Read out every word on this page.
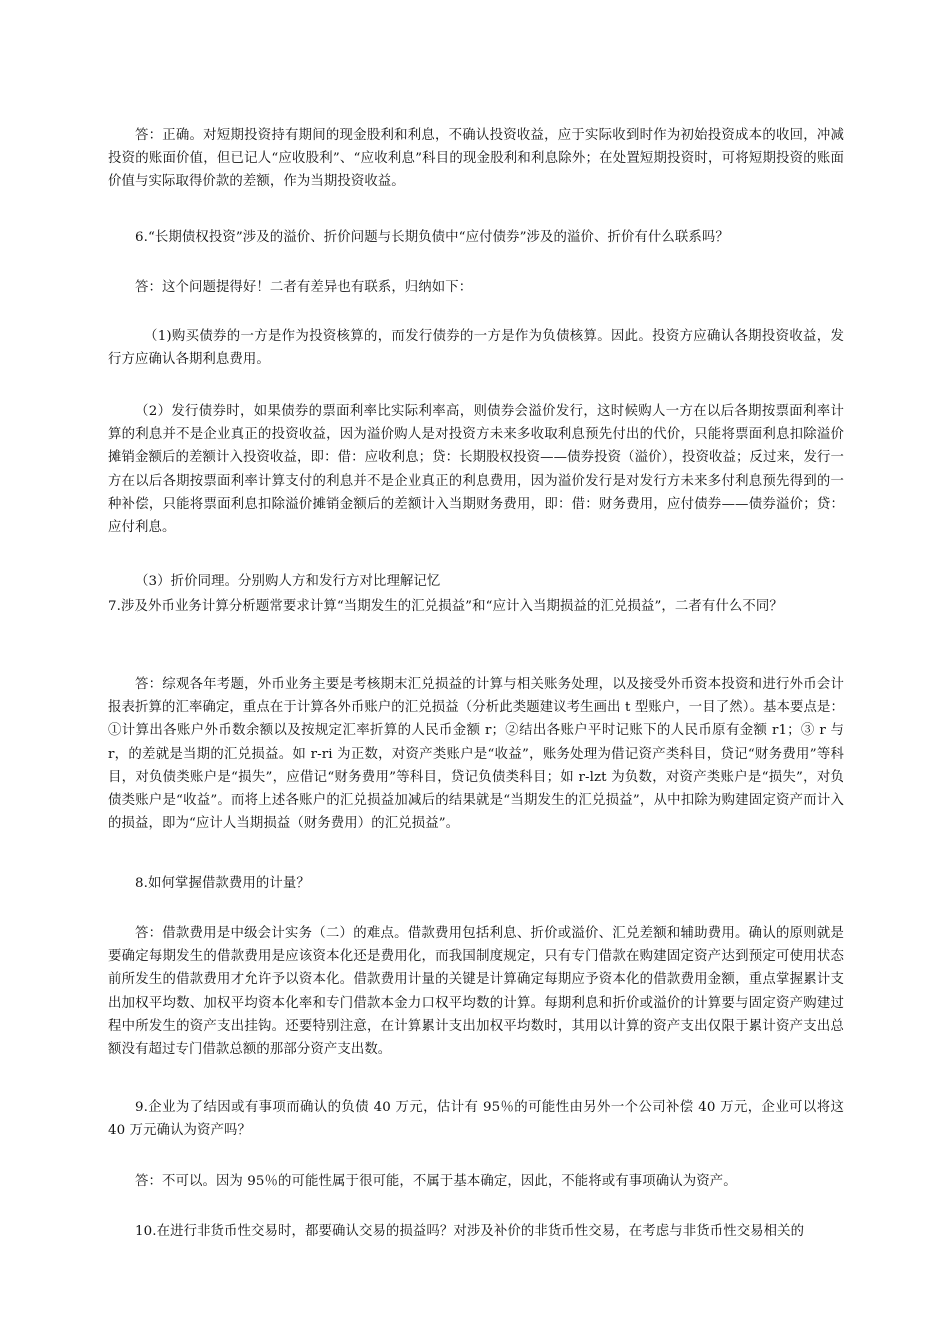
答：正确。对短期投资持有期间的现金股利和利息，不确认投资收益，应于实际收到时作为初始投资成本的收回，冲减投资的账面价值，但已记人“应收股利”、“应收利息”科目的现金股利和利息除外；在处置短期投资时，可将短期投资的账面价值与实际取得价款的差额，作为当期投资收益。

6.“长期债权投资”涉及的溢价、折价问题与长期负债中“应付债券”涉及的溢价、折价有什么联系吗？

答：这个问题提得好！二者有差异也有联系，归纳如下：

（1)购买债券的一方是作为投资核算的，而发行债券的一方是作为负债核算。因此。投资方应确认各期投资收益，发行方应确认各期利息费用。

（2）发行债券时，如果债券的票面利率比实际利率高，则债券会溢价发行，这时候购人一方在以后各期按票面利率计算的利息并不是企业真正的投资收益，因为溢价购人是对投资方未来多收取利息预先付出的代价，只能将票面利息扣除溢价摊销金额后的差额计入投资收益，即：借：应收利息；贷：长期股权投资——债券投资（溢价），投资收益；反过来，发行一方在以后各期按票面利率计算支付的利息并不是企业真正的利息费用，因为溢价发行是对发行方未来多付利息预先得到的一种补偿，只能将票面利息扣除溢价摊销金额后的差额计入当期财务费用，即：借：财务费用，应付债券——债券溢价；贷：应付利息。

（3）折价同理。分别购人方和发行方对比理解记忆

7.涉及外币业务计算分析题常要求计算“当期发生的汇兑损益”和“应计入当期损益的汇兑损益”，二者有什么不同？

答：综观各年考题，外币业务主要是考核期末汇兑损益的计算与相关账务处理，以及接受外币资本投资和进行外币会计报表折算的汇率确定，重点在于计算各外币账户的汇兑损益（分析此类题建议考生画出 t 型账户，一目了然）。基本要点是：①计算出各账户外币数余额以及按规定汇率折算的人民币金额 r；②结出各账户平时记账下的人民币原有金额 r1；③ r 与 r，的差就是当期的汇兑损益。如 r-ri 为正数，对资产类账户是“收益”，账务处理为借记资产类科目，贷记“财务费用”等科目，对负债类账户是“损失”，应借记“财务费用”等科目，贷记负债类科目；如 r-lzt 为负数，对资产类账户是“损失”，对负债类账户是“收益”。而将上述各账户的汇兑损益加减后的结果就是“当期发生的汇兑损益”，从中扣除为购建固定资产而计入的损益，即为“应计人当期损益（财务费用）的汇兑损益”。

8.如何掌握借款费用的计量？

答：借款费用是中级会计实务（二）的难点。借款费用包括利息、折价或溢价、汇兑差额和辅助费用。确认的原则就是要确定每期发生的借款费用是应该资本化还是费用化，而我国制度规定，只有专门借款在购建固定资产达到预定可使用状态前所发生的借款费用才允许予以资本化。借款费用计量的关键是计算确定每期应予资本化的借款费用金额，重点掌握累计支出加权平均数、加权平均资本化率和专门借款本金力口权平均数的计算。每期利息和折价或溢价的计算要与固定资产购建过程中所发生的资产支出挂钩。还要特别注意，在计算累计支出加权平均数时，其用以计算的资产支出仅限于累计资产支出总额没有超过专门借款总额的那部分资产支出数。

9.企业为了结因或有事项而确认的负债 40 万元，估计有 95％的可能性由另外一个公司补偿 40 万元，企业可以将这 40 万元确认为资产吗？

答：不可以。因为 95％的可能性属于很可能，不属于基本确定，因此，不能将或有事项确认为资产。

10.在进行非货币性交易时，都要确认交易的损益吗？对涉及补价的非货币性交易，在考虑与非货币性交易相关的
